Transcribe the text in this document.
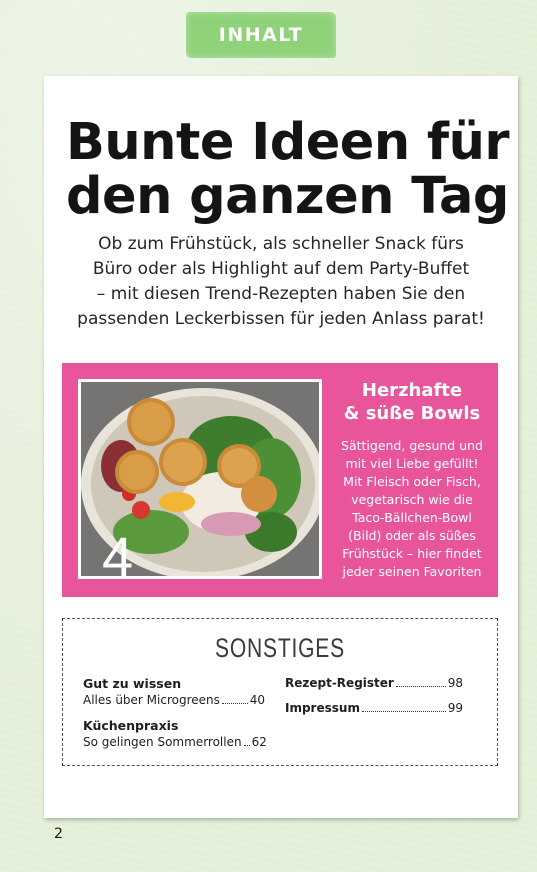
INHALT
Bunte Ideen für
den ganzen Tag
Ob zum Frühstück, als schneller Snack fürs
Büro oder als Highlight auf dem Party-Buffet
– mit diesen Trend-Rezepten haben Sie den
passenden Leckerbissen für jeden Anlass parat!
4
Herzhafte
& süße Bowls
Sättigend, gesund und
mit viel Liebe gefüllt!
Mit Fleisch oder Fisch,
vegetarisch wie die
Taco-Bällchen-Bowl
(Bild) oder als süßes
Frühstück – hier findet
jeder seinen Favoriten
SONSTIGES
Gut zu wissen
Alles über Microgreens 40
Küchenpraxis
So gelingen Sommerrollen 62
Rezept-Register	98
Impressum	99
2
